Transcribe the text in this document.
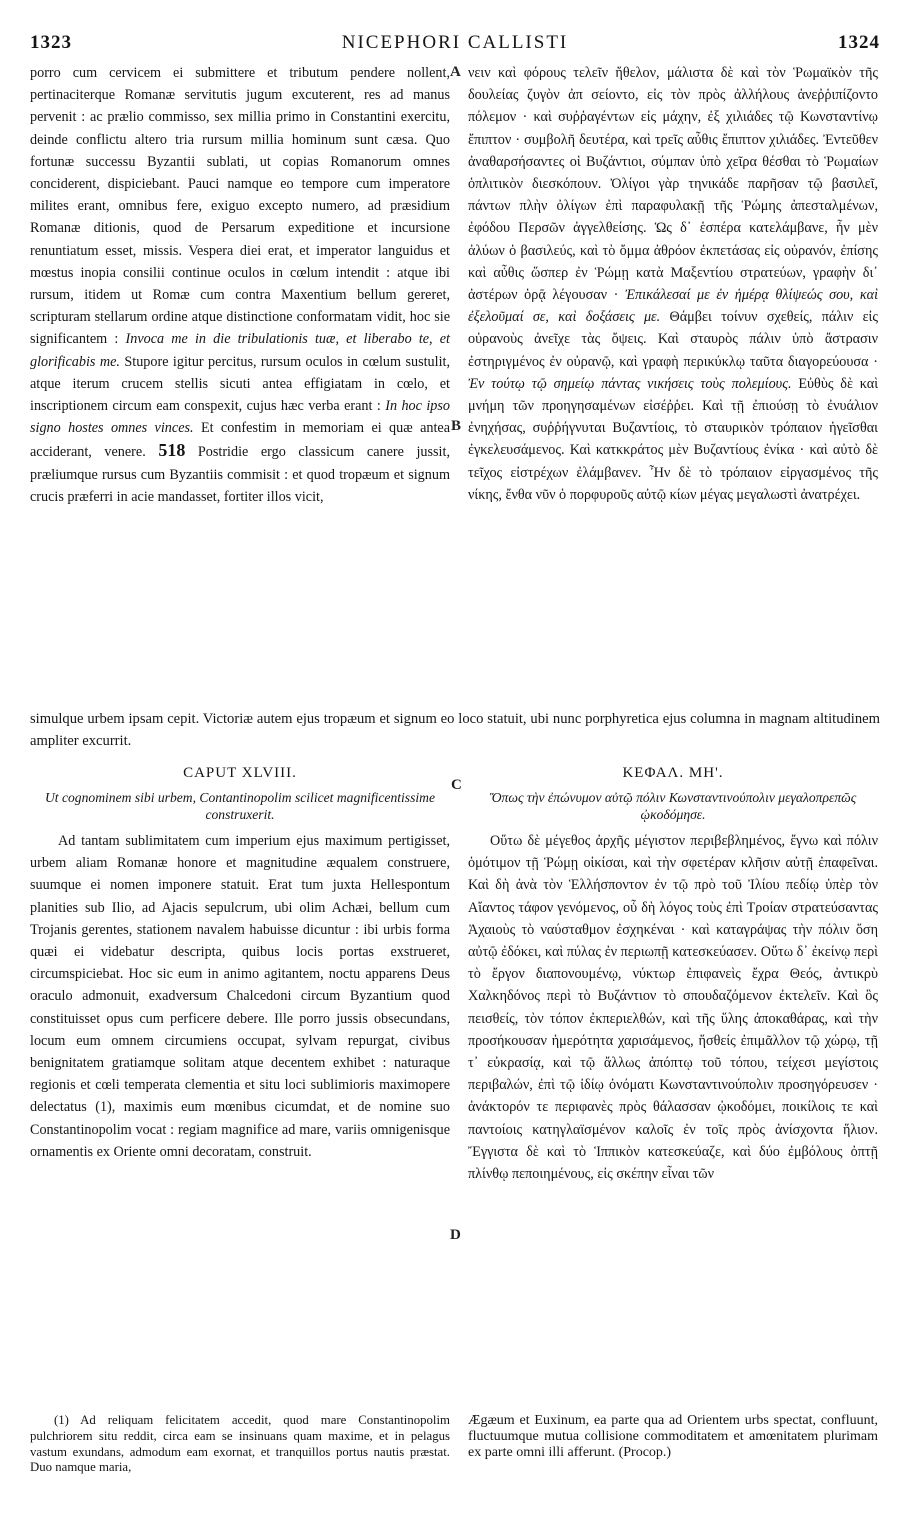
1323	NICEPHORI CALLISTI	1324
porro cum cervicem ei submittere et tributum pendere nollent, pertinaciterque Romanæ servitutis jugum excuterent, res ad manus pervenit : ac prælio commisso, sex millia primo in Constantini exercitu, deinde conflictu altero tria rursum millia hominum sunt cæsa. Quo fortunæ successu Byzantii sublati, ut copias Romanorum omnes conciderent, dispiciebant. Pauci namque eo tempore cum imperatore milites erant, omnibus fere, exiguo excepto numero, ad præsidium Romanæ ditionis, quod de Persarum expeditione et incursione renuntiatum esset, missis. Vespera diei erat, et imperator languidus et mœstus inopia consilii continue oculos in cœlum intendit : atque ibi rursum, itidem ut Romæ cum contra Maxentium bellum gereret, scripturam stellarum ordine atque distinctione conformatam vidit, hoc sie significantem : Invoca me in die tribulationis tuæ, et liberabo te, et glorificabis me. Stupore igitur percitus, rursum oculos in cœlum sustulit, atque iterum crucem stellis sicuti antea effigiatam in cœlo, et inscriptionem circum eam conspexit, cujus hæc verba erant : In hoc ipso signo hostes omnes vinces. Et confestim in memoriam ei quæ antea acciderant, venere. 518 Postridie ergo classicum canere jussit, præliumque rursus cum Byzantiis commisit : et quod tropæum et signum crucis præferri in acie mandasset, fortiter illos vicit,
A
B
C
D
νειν καὶ φόρους τελεῖν ἤθελον, μάλιστα δὲ καὶ τὸν Ῥωμαϊκὸν τῆς δουλείας ζυγὸν ἀπ σείοντο, εἰς τὸν πρὸς ἀλλήλους ἀνεῤῥιπίζοντο πόλεμον · καὶ συῤῥαγέντων εἰς μάχην, ἐξ χιλιάδες τῷ Κωνσταντίνῳ ἔπιπτον · συμβολῆ δευτέρα, καὶ τρεῖς αὖθις ἔπιπτον χιλιάδες. Ἐντεῦθεν ἀναθαρσήσαντες οἱ Βυζάντιοι, σύμπαν ὑπὸ χεῖρα θέσθαι τὸ Ῥωμαίων ὁπλιτικὸν διεσκόπουν. Ὀλίγοι γὰρ τηνικάδε παρῆσαν τῷ βασιλεῖ, πάντων πλὴν ὀλίγων ἐπὶ παραφυλακῇ τῆς Ῥώμης ἀπεσταλμένων, ἐφόδου Περσῶν ἀγγελθείσης. Ὡς δ᾽ ἑσπέρα κατελάμβανε, ἦν μὲν ἀλύων ὁ βασιλεύς, καὶ τὸ ὄμμα ἀθρόον ἐκπετάσας εἰς οὐρανόν, ἐπίσης καὶ αὖθις ὥσπερ ἐν Ῥώμῃ κατὰ Μαξεντίου στρατεύων, γραφὴν δι᾽ ἀστέρων ὁρᾷ λέγουσαν · Ἐπικάλεσαί με ἐν ἡμέρᾳ θλίψεώς σου, καὶ ἐξελοῦμαί σε, καὶ δοξάσεις με. Θάμβει τοίνυν σχεθείς, πάλιν εἰς οὐρανοὺς ἀνεῖχε τὰς ὄψεις. Καὶ σταυρὸς πάλιν ὑπὸ ἄστρασιν ἐστηριγμένος ἐν οὐρανῷ, καὶ γραφὴ περικύκλῳ ταῦτα διαγορεύουσα · Ἐν τούτῳ τῷ σημείῳ πάντας νικήσεις τοὺς πολεμίους. Εὐθὺς δὲ καὶ μνήμη τῶν προηγησαμένων εἰσέῤῥει. Καὶ τῇ ἐπιούσῃ τὸ ἐνυάλιον ἐνηχήσας, συῤῥήγνυται Βυζαντίοις, τὸ σταυρικὸν τρόπαιον ἡγεῖσθαι ἐγκελευσάμενος. Καὶ κατκκράτος μὲν Βυζαντίους ἐνίκα · καὶ αὐτὸ δὲ τεῖχος εἰστρέχων ἐλάμβανεν. Ἦν δὲ τὸ τρόπαιον εἰργασμένος τῆς νίκης, ἔνθα νῦν ὁ πορφυροῦς αὐτῷ κίων μέγας μεγαλωστὶ ἀνατρέχει.
simulque urbem ipsam cepit. Victoriæ autem ejus tropæum et signum eo loco statuit, ubi nunc porphyretica ejus columna in magnam altitudinem ampliter excurrit.
CAPUT XLVIII.
Ut cognominem sibi urbem, Contantinopolim scilicet magnificentissime construxerit.
ΚΕΦΑΛ. ΜΗ'.
Ὅπως τὴν ἐπώνυμον αὐτῷ πόλιν Κωνσταντινούπολιν μεγαλοπρεπῶς ᾠκοδόμησε.
Ad tantam sublimitatem cum imperium ejus maximum pertigisset, urbem aliam Romanæ honore et magnitudine æqualem construere, suumque ei nomen imponere statuit. Erat tum juxta Hellespontum planities sub Ilio, ad Ajacis sepulcrum, ubi olim Achæi, bellum cum Trojanis gerentes, stationem navalem habuisse dicuntur : ibi urbis forma quæi ei videbatur descripta, quibus locis portas exstrueret, circumspiciebat. Hoc sic eum in animo agitantem, noctu apparens Deus oraculo admonuit, exadversum Chalcedoni circum Byzantium quod constituisset opus cum perficere debere. Ille porro jussis obsecundans, locum eum omnem circumiens occupat, sylvam repurgat, civibus benignitatem gratiamque solitam atque decentem exhibet : naturaque regionis et cœli temperata clementia et situ loci sublimioris maximopere delectatus (1), maximis eum mœnibus cicumdat, et de nomine suo Constantinopolim vocat : regiam magnifice ad mare, variis omnigenisque ornamentis ex Oriente omni decoratam, construit.
Οὕτω δὲ μέγεθος ἀρχῆς μέγιστον περιβεβλημένος, ἔγνω καὶ πόλιν ὁμότιμον τῇ Ῥώμῃ οἰκίσαι, καὶ τὴν σφετέραν κλῆσιν αὐτῇ ἐπαφεῖναι. Καὶ δὴ ἀνὰ τὸν Ἑλλήσποντον ἐν τῷ πρὸ τοῦ Ἰλίου πεδίῳ ὑπὲρ τὸν Αἴαντος τάφον γενόμενος, οὗ δὴ λόγος τοὺς ἐπὶ Τροίαν στρατεύσαντας Ἀχαιοὺς τὸ ναύσταθμον ἐσχηκέναι · καὶ καταγράψας τὴν πόλιν ὅση αὐτῷ ἐδόκει, καὶ πύλας ἐν περιωπῇ κατεσκεύασεν. Οὕτω δ᾽ ἐκείνῳ περὶ τὸ ἔργον διαπονουμένῳ, νύκτωρ ἐπιφανεὶς ἔχρα Θεός, ἀντικρὺ Χαλκηδόνος περὶ τὸ Βυζάντιον τὸ σπουδαζόμενον ἐκτελεῖν. Καὶ ὃς πεισθείς, τὸν τόπον ἐκπεριελθών, καὶ τῆς ὕλης ἀποκαθάρας, καὶ τὴν προσήκουσαν ἡμερότητα χαρισάμενος, ἥσθείς ἐπιμᾶλλον τῷ χώρῳ, τῇ τ᾽ εὐκρασίᾳ, καὶ τῷ ἄλλως ἀπόπτῳ τοῦ τόπου, τείχεσι μεγίστοις περιβαλών, ἐπὶ τῷ ἰδίῳ ὀνόματι Κωνσταντινούπολιν προσηγόρευσεν · ἀνάκτορόν τε περιφανὲς πρὸς θάλασσαν ᾠκοδόμει, ποικίλοις τε καὶ παντοίοις κατηγλαϊσμένον καλοῖς ἐν τοῖς πρὸς ἀνίσχοντα ἥλιον. Ἔγγιστα δὲ καὶ τὸ Ἱππικὸν κατεσκεύαζε, καὶ δύο ἐμβόλους ὀπτῇ πλίνθῳ πεποιημένους, εἰς σκέπην εἶναι τῶν
(1) Ad reliquam felicitatem accedit, quod mare Constantinopolim pulchriorem situ reddit, circa eam se insinuans quam maxime, et in pelagus vastum exundans, admodum eam exornat, et tranquillos portus nautis præstat. Duo namque maria,
Ægæum et Euxinum, ea parte qua ad Orientem urbs spectat, confluunt, fluctuumque mutua collisione commoditatem et amœnitatem plurimam ex parte omni illi afferunt. (Procop.)
